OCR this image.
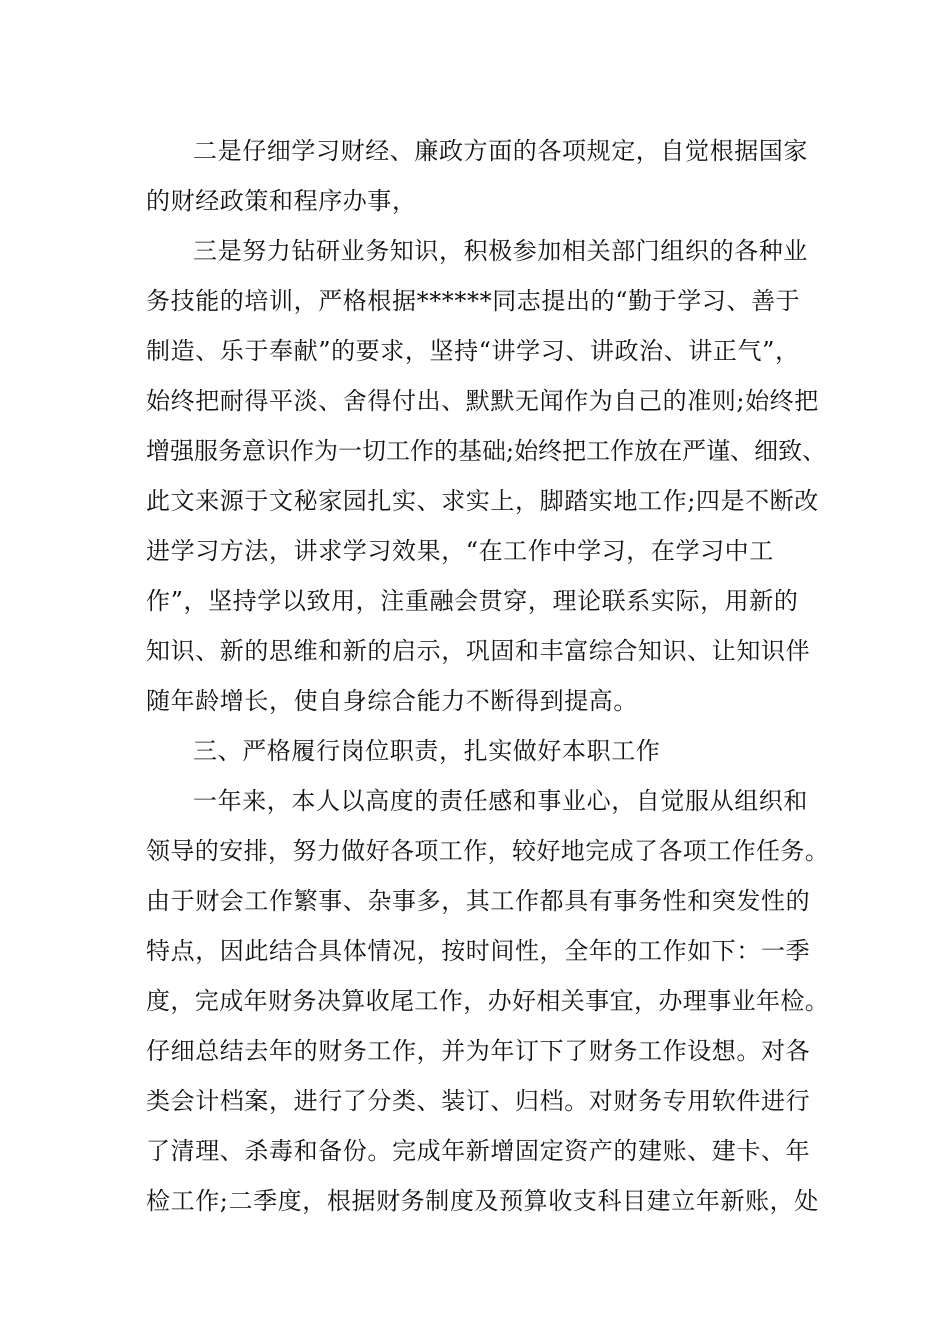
二是仔细学习财经、廉政方面的各项规定，自觉根据国家

的财经政策和程序办事，

三是努力钻研业务知识，积极参加相关部门组织的各种业

务技能的培训，严格根据******同志提出的“勤于学习、善于

制造、乐于奉献”的要求，坚持“讲学习、讲政治、讲正气”，

始终把耐得平淡、舍得付出、默默无闻作为自己的准则;始终把

增强服务意识作为一切工作的基础;始终把工作放在严谨、细致、

此文来源于文秘家园扎实、求实上，脚踏实地工作;四是不断改

进学习方法，讲求学习效果，“在工作中学习，在学习中工

作”，坚持学以致用，注重融会贯穿，理论联系实际，用新的

知识、新的思维和新的启示，巩固和丰富综合知识、让知识伴

随年龄增长，使自身综合能力不断得到提高。

三、严格履行岗位职责，扎实做好本职工作

一年来，本人以高度的责任感和事业心，自觉服从组织和

领导的安排，努力做好各项工作，较好地完成了各项工作任务。

由于财会工作繁事、杂事多，其工作都具有事务性和突发性的

特点，因此结合具体情况，按时间性，全年的工作如下：一季

度，完成年财务决算收尾工作，办好相关事宜，办理事业年检。

仔细总结去年的财务工作，并为年订下了财务工作设想。对各

类会计档案，进行了分类、装订、归档。对财务专用软件进行

了清理、杀毒和备份。完成年新增固定资产的建账、建卡、年

检工作;二季度，根据财务制度及预算收支科目建立年新账，处
